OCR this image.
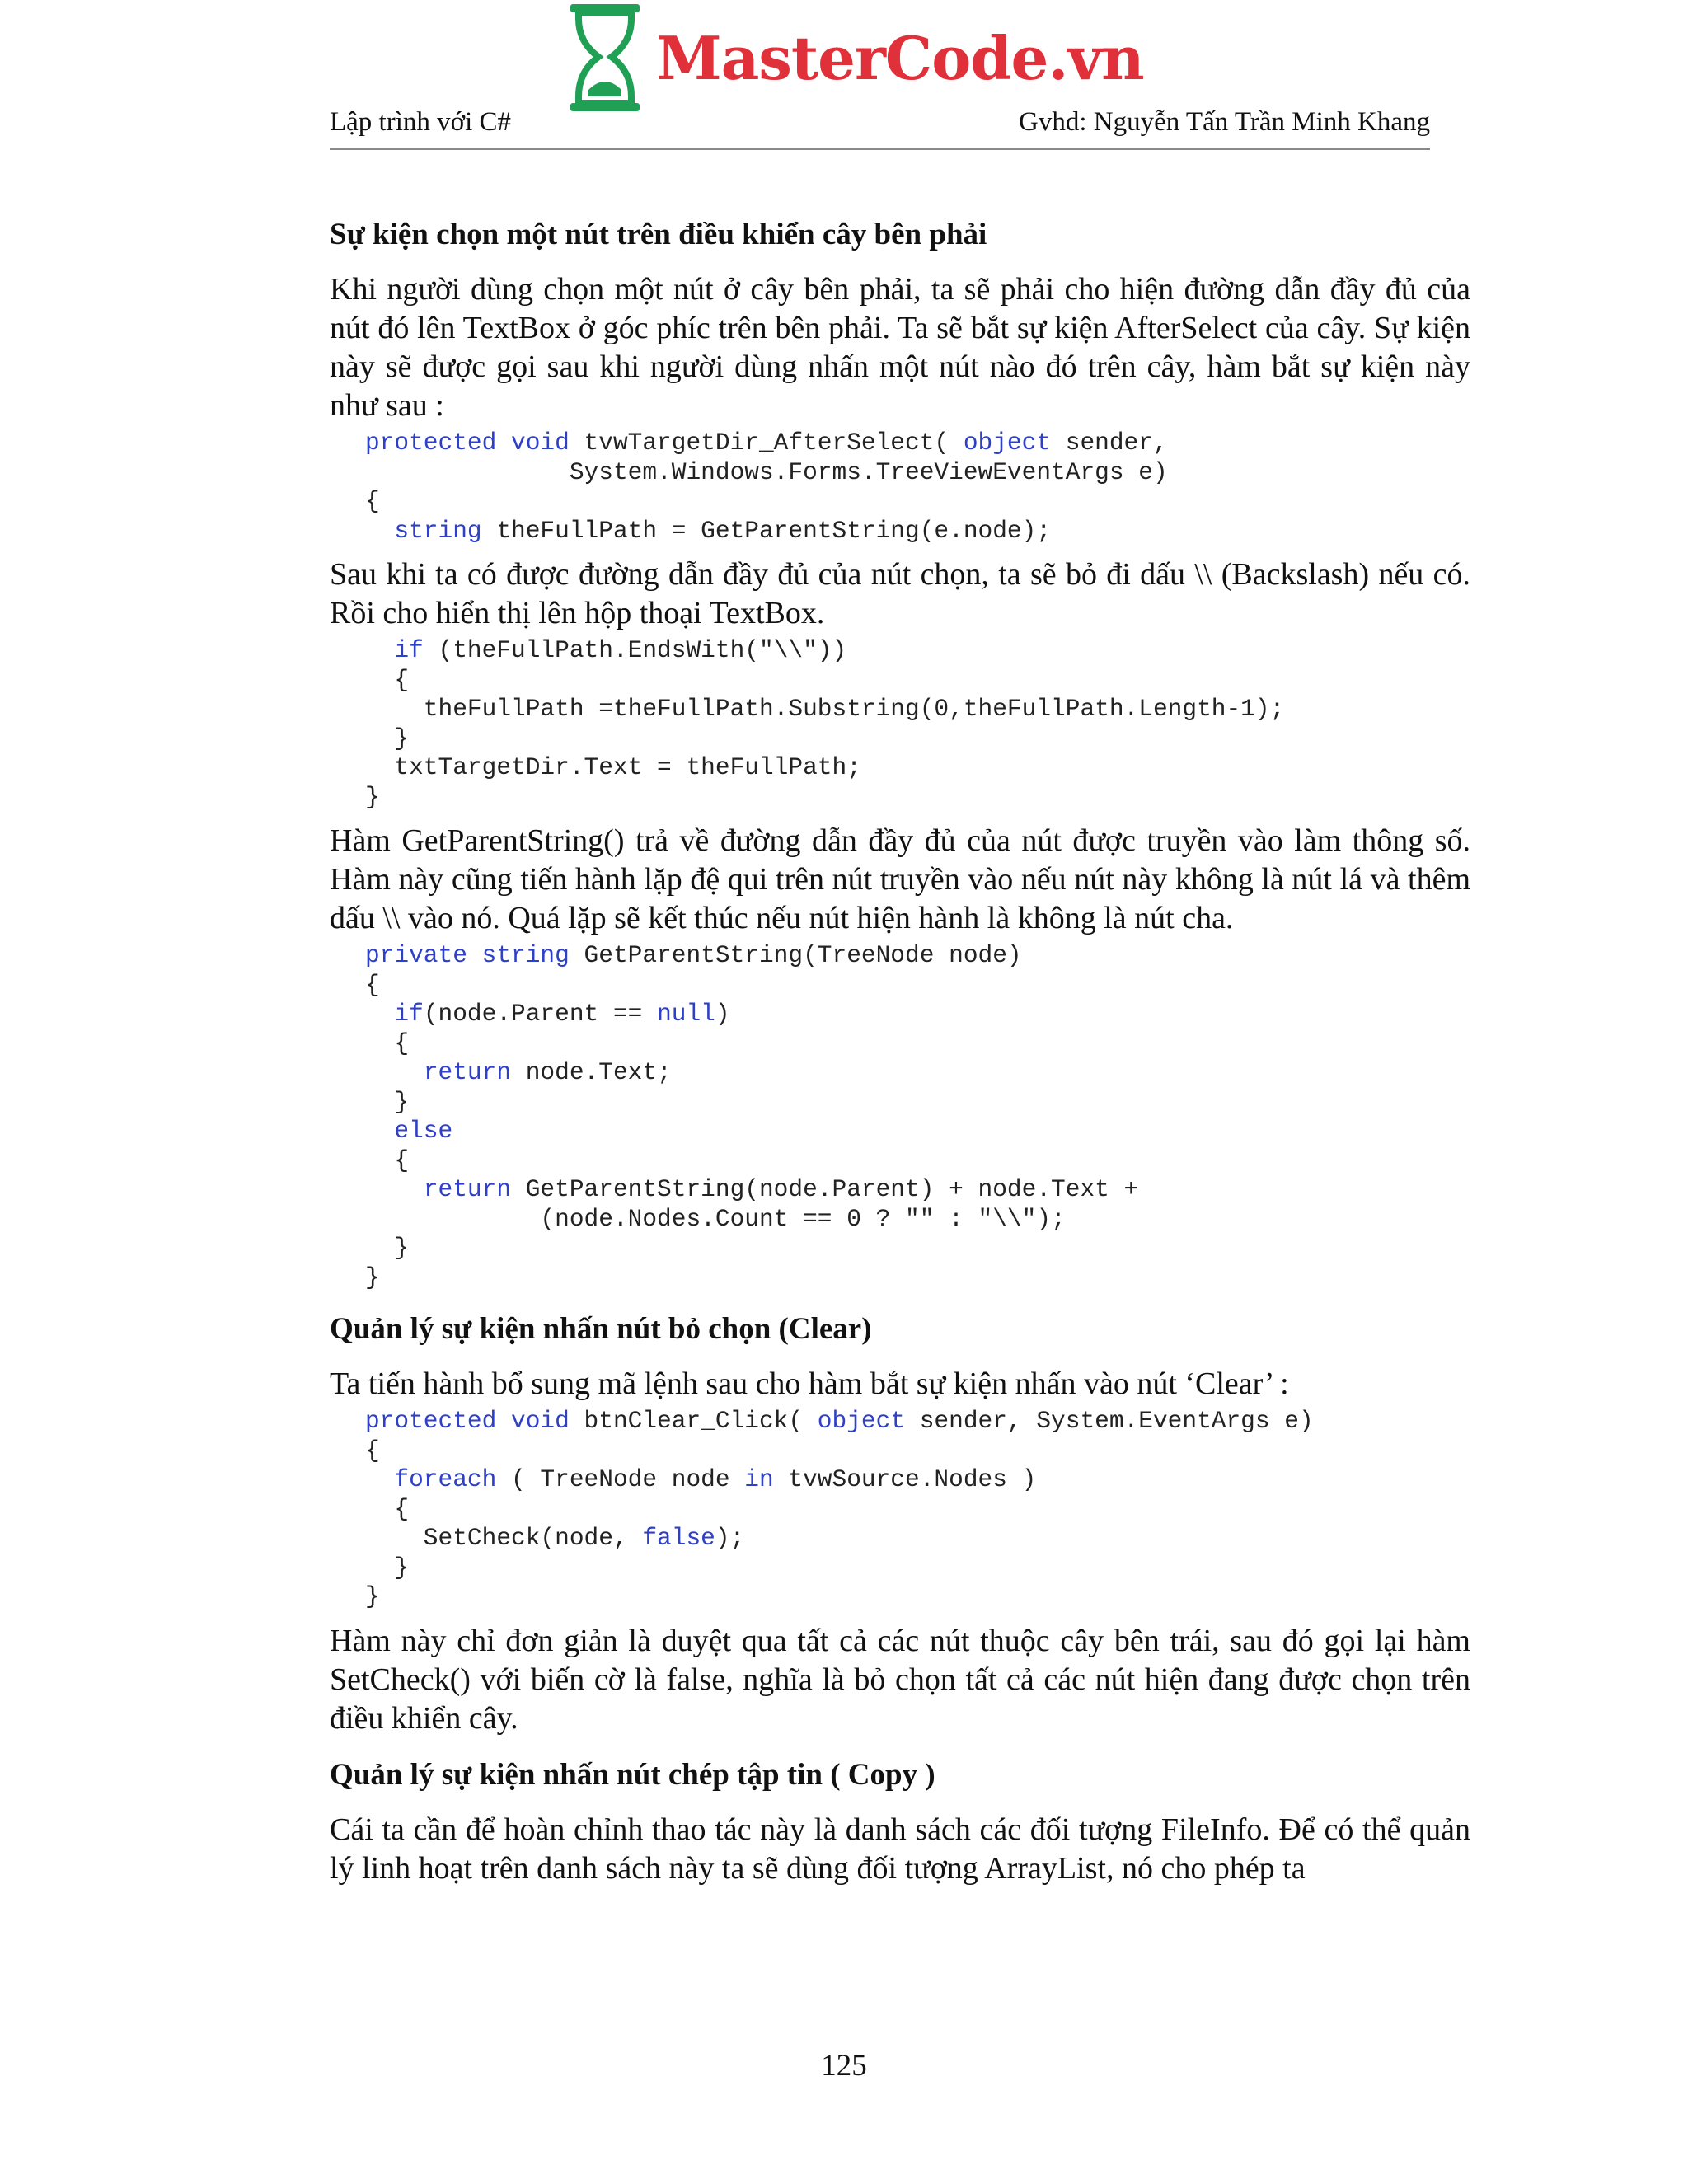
MasterCode.vn
Lập trình với C#	Gvhd: Nguyễn Tấn Trần Minh Khang
Sự kiện chọn một nút trên điều khiển cây bên phải
Khi người dùng chọn một nút ở cây bên phải, ta sẽ phải cho hiện đường dẫn đầy đủ của nút đó lên TextBox ở góc phíc trên bên phải. Ta sẽ bắt sự kiện AfterSelect của cây. Sự kiện này sẽ được gọi sau khi người dùng nhấn một nút nào đó trên cây, hàm bắt sự kiện này như sau :
protected void tvwTargetDir_AfterSelect( object sender,
System.Windows.Forms.TreeViewEventArgs e)
{
string theFullPath = GetParentString(e.node);
Sau khi ta có được đường dẫn đầy đủ của nút chọn, ta sẽ bỏ đi dấu \\ (Backslash) nếu có. Rồi cho hiển thị lên hộp thoại TextBox.
if (theFullPath.EndsWith("\\"))
{
theFullPath =theFullPath.Substring(0,theFullPath.Length-1);
}
txtTargetDir.Text = theFullPath;
}
Hàm GetParentString() trả về đường dẫn đầy đủ của nút được truyền vào làm thông số. Hàm này cũng tiến hành lặp đệ qui trên nút truyền vào nếu nút này không là nút lá và thêm dấu \\ vào nó. Quá lặp sẽ kết thúc nếu nút hiện hành là không là nút cha.
private string GetParentString(TreeNode node)
{
if(node.Parent == null)
{
return node.Text;
}
else
{
return GetParentString(node.Parent) + node.Text +
(node.Nodes.Count == 0 ? "" : "\\");
}
}
Quản lý sự kiện nhấn nút bỏ chọn (Clear)
Ta tiến hành bổ sung mã lệnh sau cho hàm bắt sự kiện nhấn vào nút ‘Clear’ :
protected void btnClear_Click( object sender, System.EventArgs e)
{
foreach ( TreeNode node in tvwSource.Nodes )
{
SetCheck(node, false);
}
}
Hàm này chỉ đơn giản là duyệt qua tất cả các nút thuộc cây bên trái, sau đó gọi lại hàm SetCheck() với biến cờ là false, nghĩa là bỏ chọn tất cả các nút hiện đang được chọn trên điều khiển cây.
Quản lý sự kiện nhấn nút chép tập tin ( Copy )
Cái ta cần để hoàn chỉnh thao tác này là danh sách các đối tượng FileInfo. Để có thể quản lý linh hoạt trên danh sách này ta sẽ dùng đối tượng ArrayList, nó cho phép ta
125
